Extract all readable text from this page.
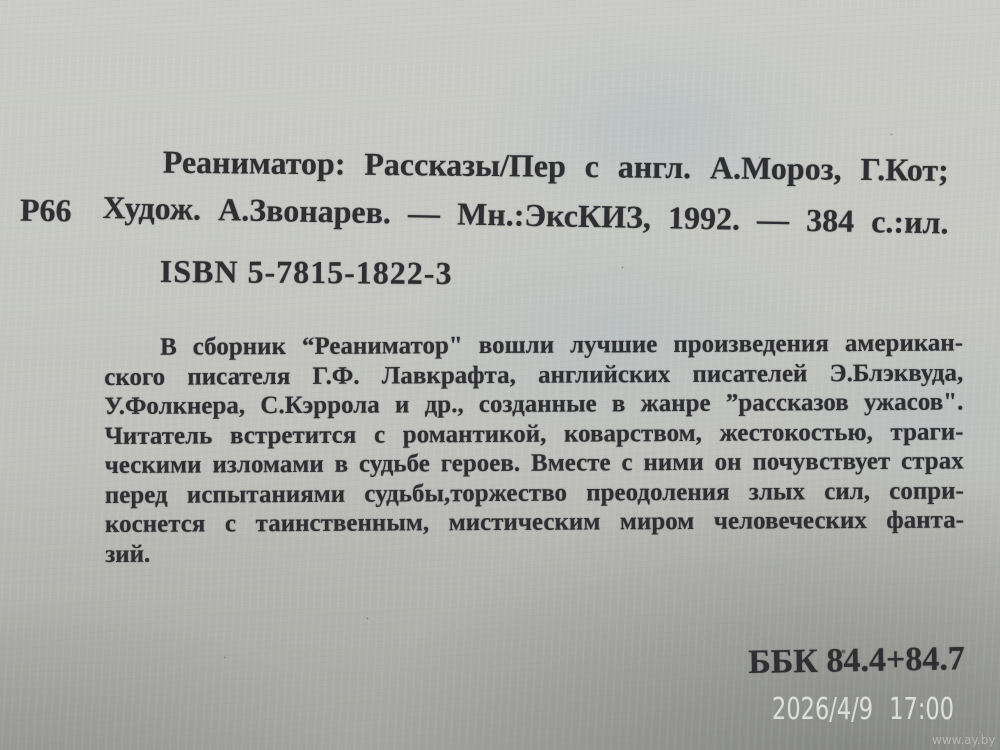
Реаниматор: Рассказы/Пер с англ. А.Мороз, Г.Кот;
Худож. А.Звонарев. — Мн.:ЭксКИЗ, 1992. — 384 с.:ил.
Р66
ISBN 5-7815-1822-3
В сборник “Реаниматор" вошли лучшие произведения американ-
ского писателя Г.Ф. Лавкрафта, английских писателей Э.Блэквуда,
У.Фолкнера, С.Кэррола и др., созданные в жанре ”рассказов ужасов".
Читатель встретится с романтикой, коварством, жестокостью, траги-
ческими изломами в судьбе героев. Вместе с ними он почувствует страх
перед испытаниями судьбы,торжество преодоления злых сил, сопри-
коснется с таинственным, мистическим миром человеческих фанта-
зий.
ББК 84.4+84.7
2026/4/9 17:00
www.ay.by
